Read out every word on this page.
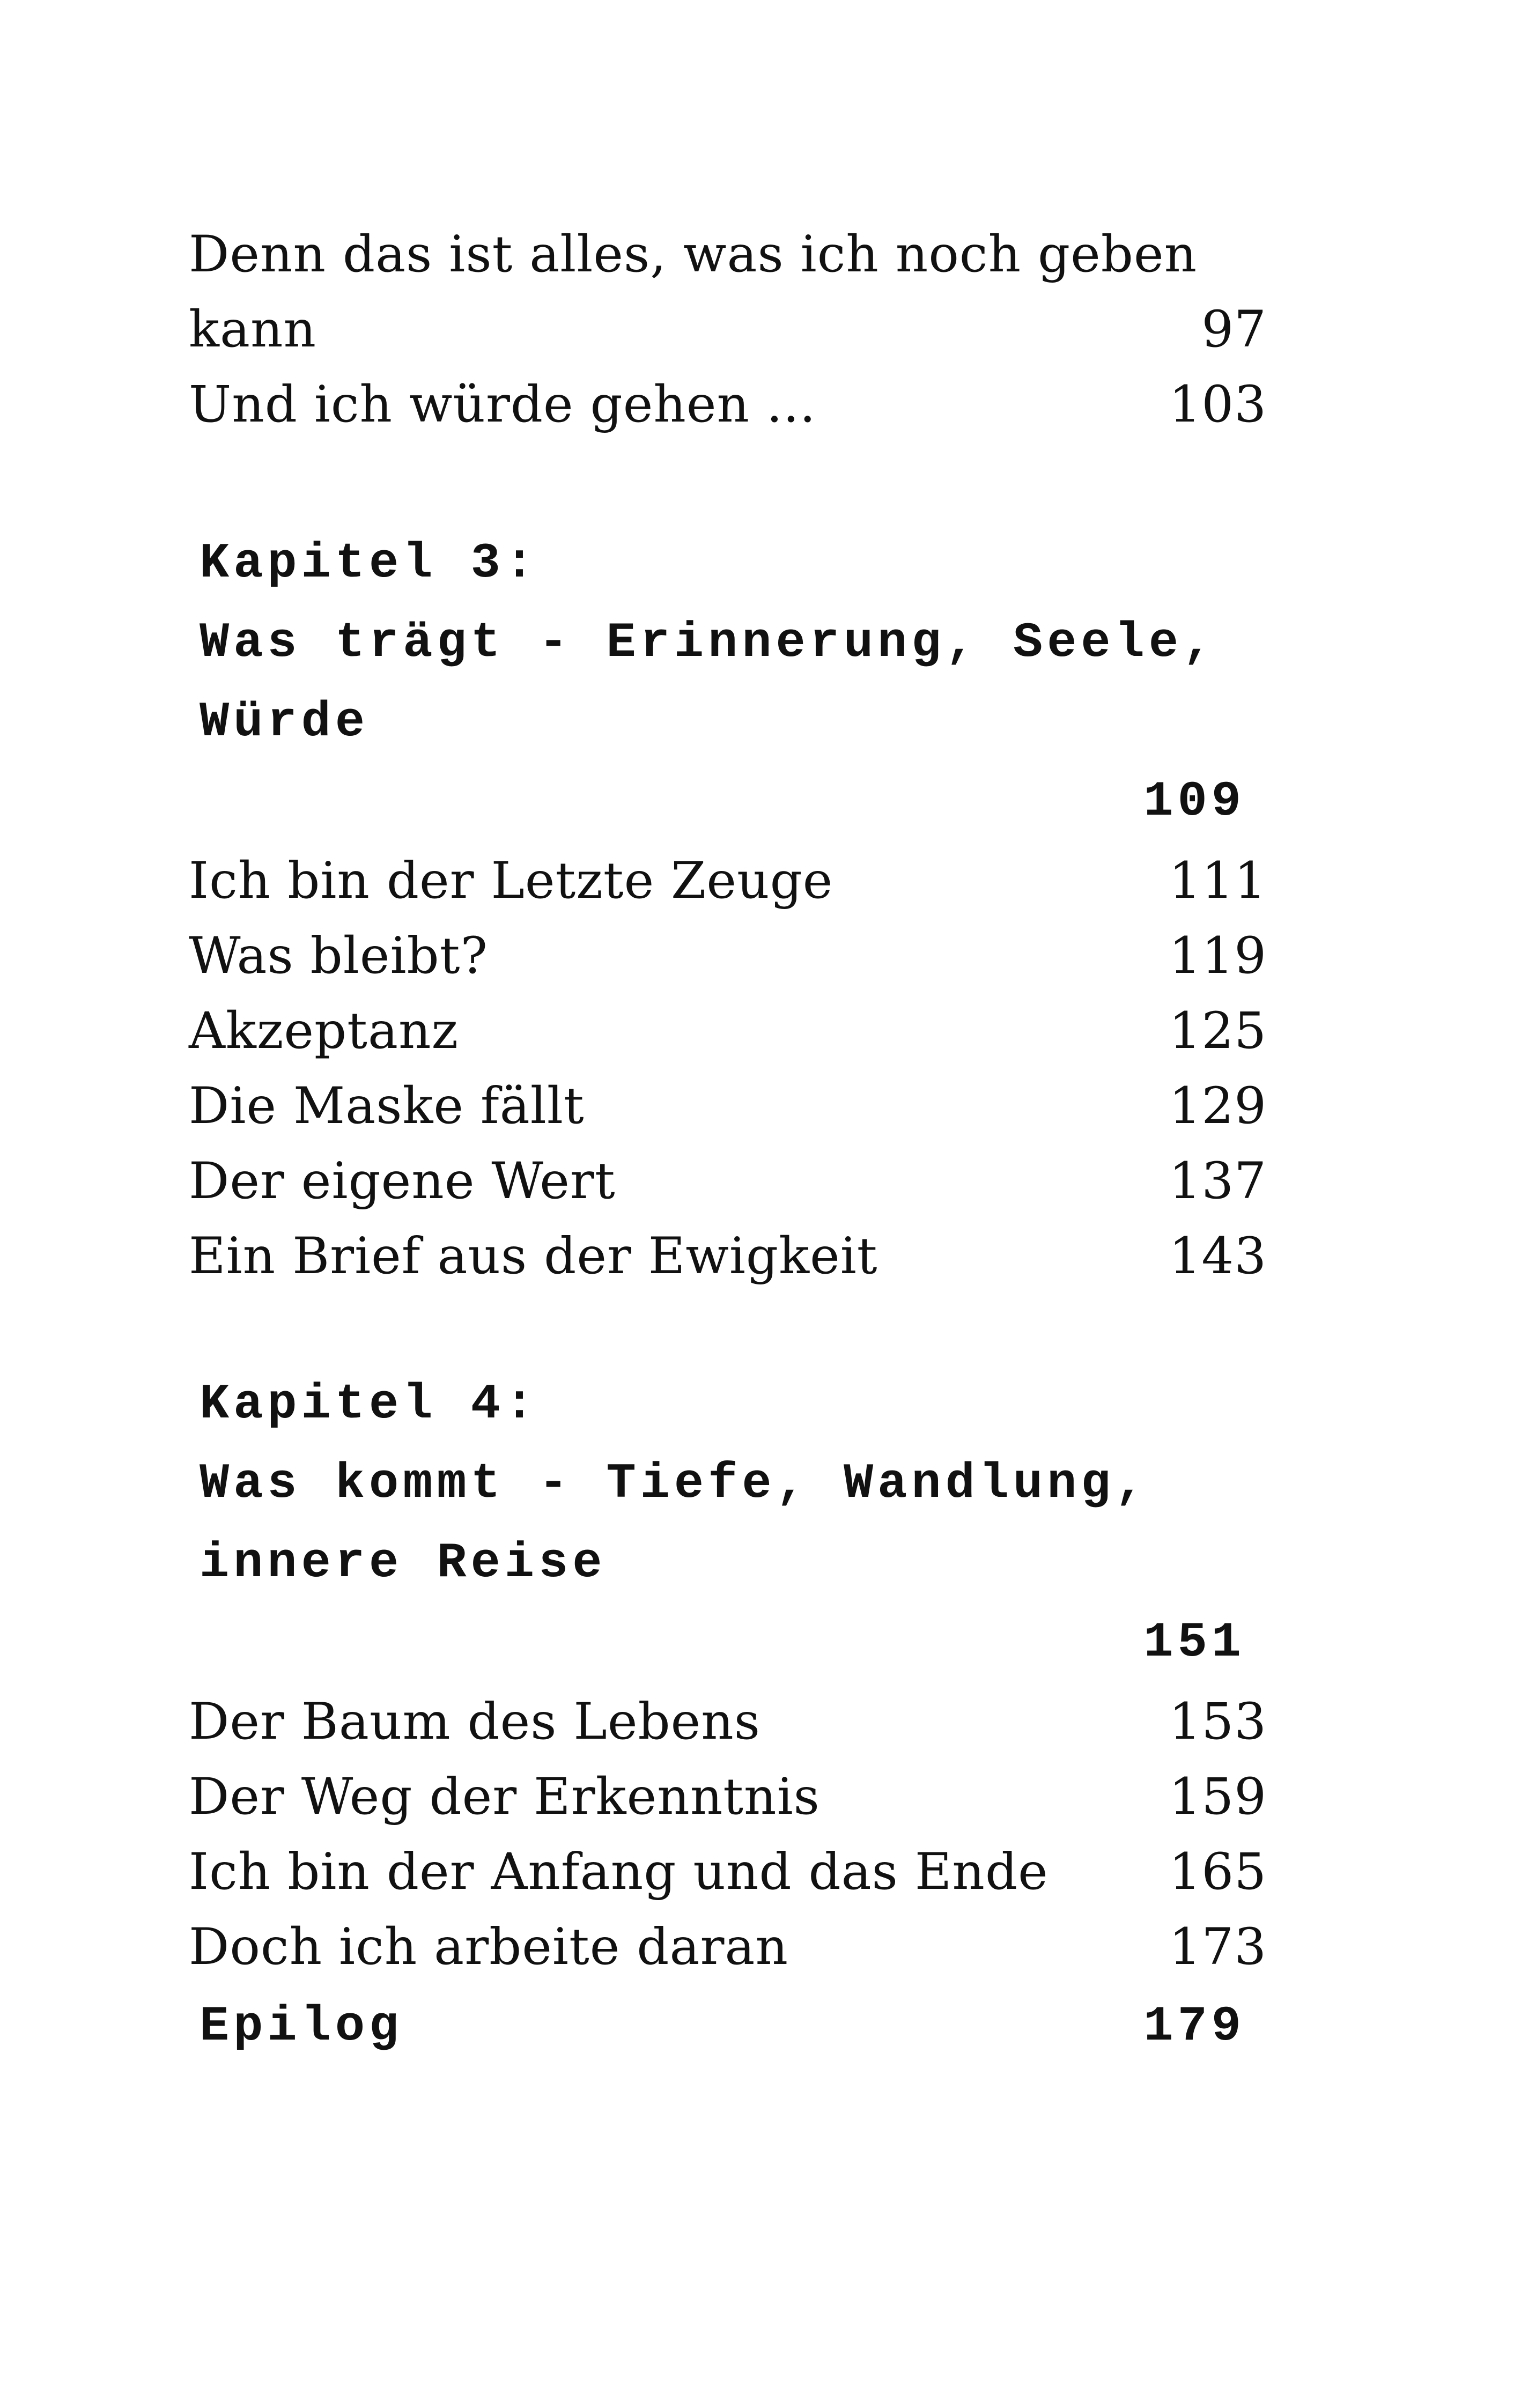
Denn das ist alles, was ich noch geben
kann	97
Und ich würde gehen ...	103
Kapitel 3:
Was trägt - Erinnerung, Seele,
Würde
109
Ich bin der Letzte Zeuge	111
Was bleibt?	119
Akzeptanz	125
Die Maske fällt	129
Der eigene Wert	137
Ein Brief aus der Ewigkeit	143
Kapitel 4:
Was kommt - Tiefe, Wandlung,
innere Reise
151
Der Baum des Lebens	153
Der Weg der Erkenntnis	159
Ich bin der Anfang und das Ende 165
Doch ich arbeite daran	173
Epilog	179
